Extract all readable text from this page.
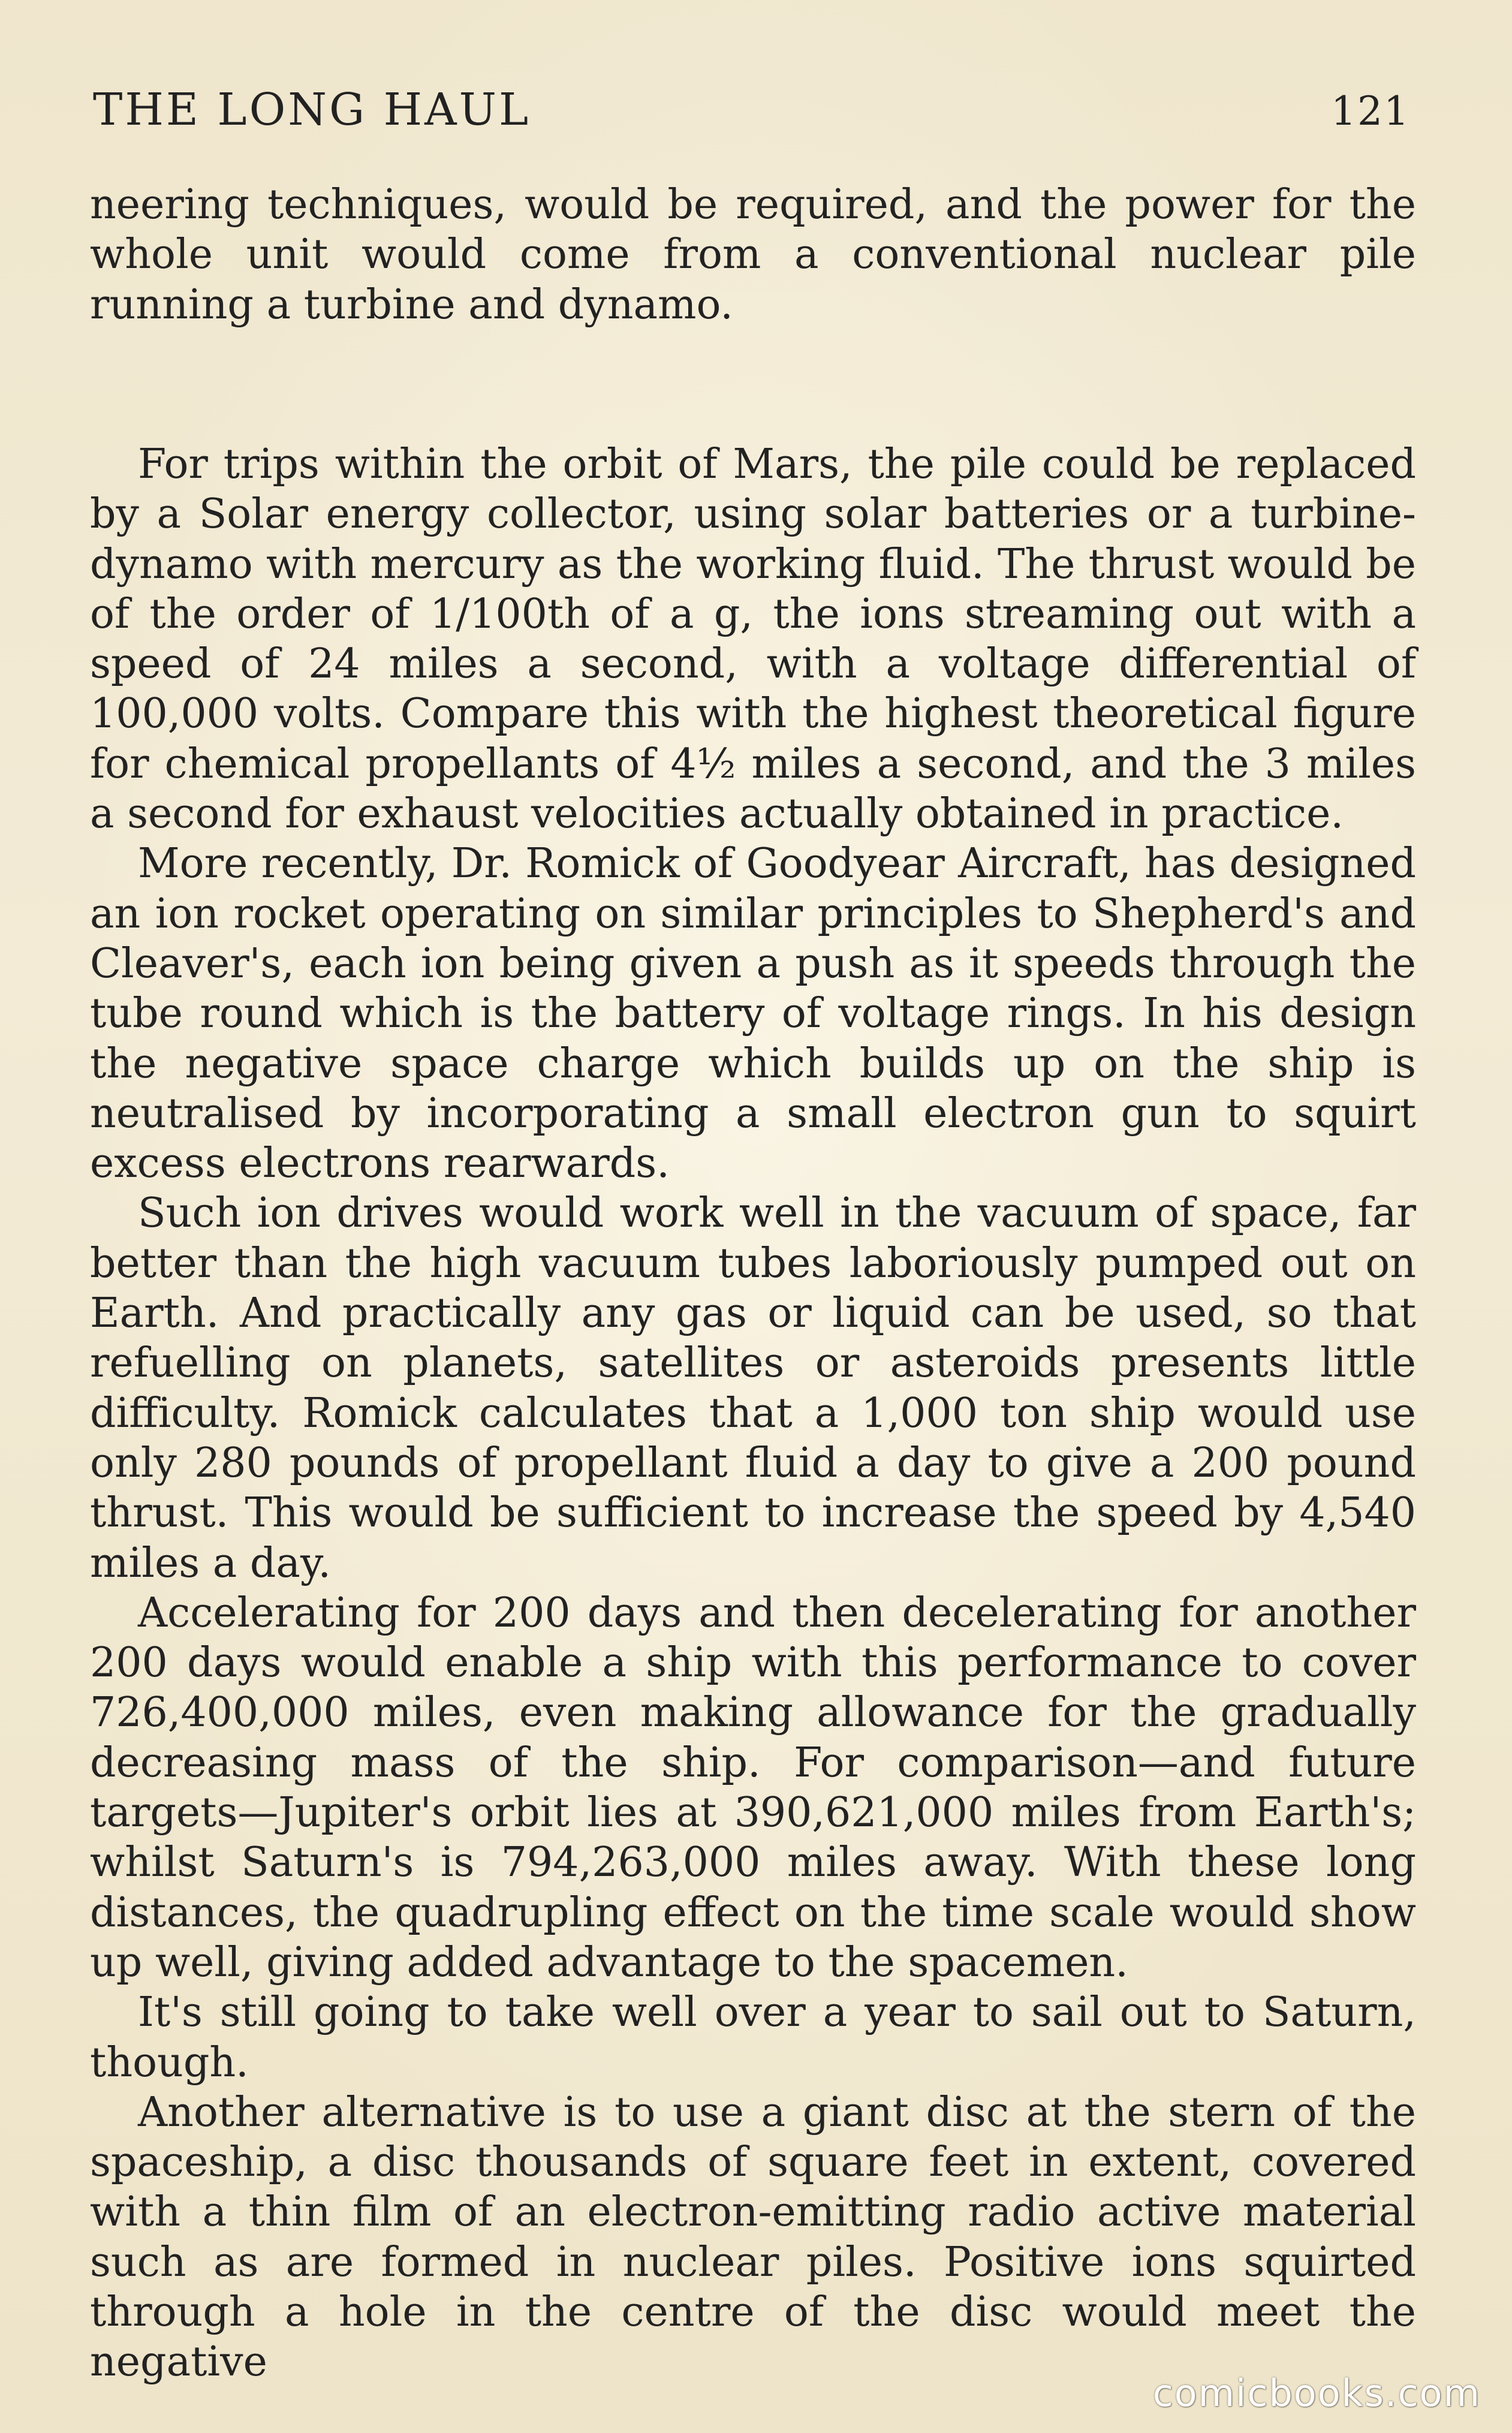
THE LONG HAUL	121

neering techniques, would be required, and the power for the whole unit would come from a conventional nuclear pile running a turbine and dynamo.

For trips within the orbit of Mars, the pile could be replaced by a Solar energy collector, using solar batteries or a turbine-dynamo with mercury as the working fluid. The thrust would be of the order of 1/100th of a g, the ions streaming out with a speed of 24 miles a second, with a voltage differential of 100,000 volts. Compare this with the highest theoretical figure for chemical propellants of 4½ miles a second, and the 3 miles a second for exhaust velocities actually obtained in practice.

More recently, Dr. Romick of Goodyear Aircraft, has designed an ion rocket operating on similar principles to Shepherd's and Cleaver's, each ion being given a push as it speeds through the tube round which is the battery of voltage rings. In his design the negative space charge which builds up on the ship is neutralised by incorporating a small electron gun to squirt excess electrons rearwards.

Such ion drives would work well in the vacuum of space, far better than the high vacuum tubes laboriously pumped out on Earth. And practically any gas or liquid can be used, so that refuelling on planets, satellites or asteroids presents little difficulty. Romick calculates that a 1,000 ton ship would use only 280 pounds of propellant fluid a day to give a 200 pound thrust. This would be sufficient to increase the speed by 4,540 miles a day.

Accelerating for 200 days and then decelerating for another 200 days would enable a ship with this performance to cover 726,400,000 miles, even making allowance for the gradually decreasing mass of the ship. For comparison—and future targets—Jupiter's orbit lies at 390,621,000 miles from Earth's; whilst Saturn's is 794,263,000 miles away. With these long distances, the quadrupling effect on the time scale would show up well, giving added advantage to the spacemen.

It's still going to take well over a year to sail out to Saturn, though.

Another alternative is to use a giant disc at the stern of the spaceship, a disc thousands of square feet in extent, covered with a thin film of an electron-emitting radio active material such as are formed in nuclear piles. Positive ions squirted through a hole in the centre of the disc would meet the negative

comicbooks.com
